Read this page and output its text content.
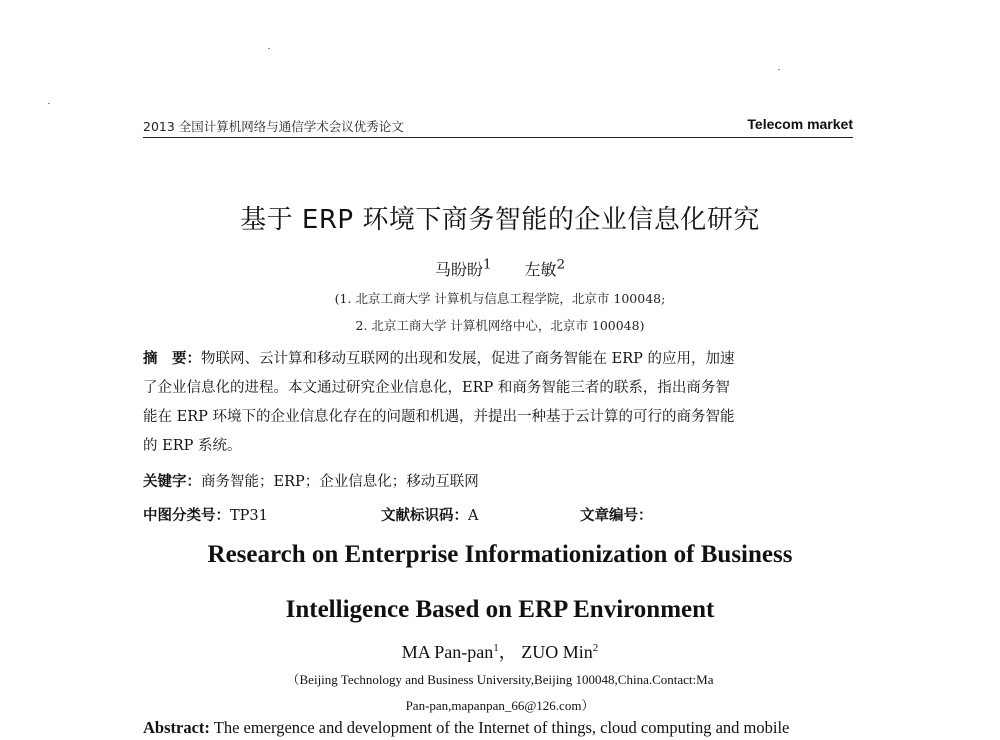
2013 全国计算机网络与通信学术会议优秀论文	Telecom market
基于 ERP 环境下商务智能的企业信息化研究
马盼盼$^1$ 左敏$^2$
(1. 北京工商大学 计算机与信息工程学院，北京市 100048;
2. 北京工商大学 计算机网络中心，北京市 100048)
摘　要：物联网、云计算和移动互联网的出现和发展，促进了商务智能在 ERP 的应用，加速
了企业信息化的进程。本文通过研究企业信息化，ERP 和商务智能三者的联系，指出商务智
能在 ERP 环境下的企业信息化存在的问题和机遇，并提出一种基于云计算的可行的商务智能
的 ERP 系统。
关键字：商务智能；ERP；企业信息化；移动互联网
中图分类号：TP31	文献标识码：A	文章编号：
Research on Enterprise Informationization of Business
Intelligence Based on ERP Environment
MA Pan-pan$^1$， ZUO Min$^2$
（Beijing Technology and Business University,Beijing 100048,China.Contact:Ma
Pan-pan,mapanpan_66@126.com）
Abstract: The emergence and development of the Internet of things, cloud computing and mobile
